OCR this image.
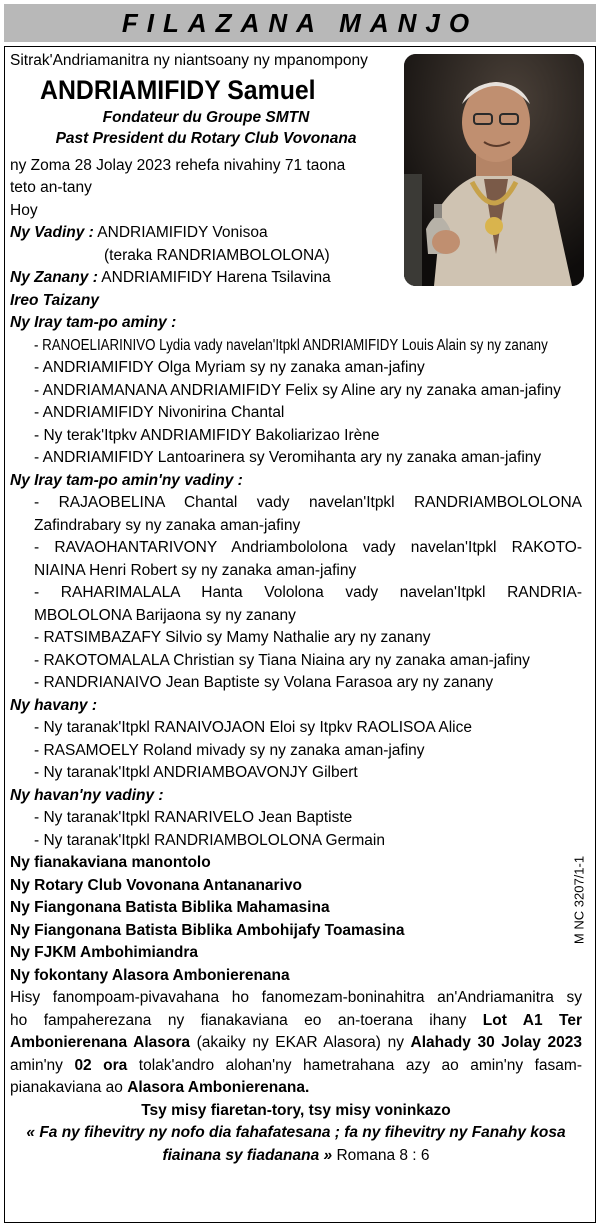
FILAZANA MANJO
Sitrak'Andriamanitra ny niantsoany ny mpanompony
ANDRIAMIFIDY Samuel
Fondateur du Groupe SMTN
Past President du Rotary Club Vovonana
ny Zoma 28 Jolay 2023 rehefa nivahiny 71 taona
teto an-tany
Hoy
Ny Vadiny : ANDRIAMIFIDY Vonisoa
(teraka RANDRIAMBOLOLONA)
Ny Zanany : ANDRIAMIFIDY Harena Tsilavina
Ireo Taizany
Ny Iray tam-po aminy :
- RANOELIARINIVO Lydia vady navelan'Itpkl ANDRIAMIFIDY Louis Alain sy ny zanany
- ANDRIAMIFIDY Olga Myriam sy ny zanaka aman-jafiny
- ANDRIAMANANA ANDRIAMIFIDY Felix sy Aline ary ny zanaka aman-jafiny
- ANDRIAMIFIDY Nivonirina Chantal
- Ny terak'Itpkv ANDRIAMIFIDY Bakoliarizao Irène
- ANDRIAMIFIDY Lantoarinera sy Veromihanta ary ny zanaka aman-jafiny
Ny Iray tam-po amin'ny vadiny :
- RAJAOBELINA Chantal vady navelan'Itpkl RANDRIAMBOLOLONA
Zafindrabary sy ny zanaka aman-jafiny
- RAVAOHANTARIVONY Andriambololona vady navelan'Itpkl RAKOTO-
NIAINA Henri Robert sy ny zanaka aman-jafiny
- RAHARIMALALA Hanta Vololona vady navelan'Itpkl RANDRIA-
MBOLOLONA Barijaona sy ny zanany
- RATSIMBAZAFY Silvio sy Mamy Nathalie ary ny zanany
- RAKOTOMALALA Christian sy Tiana Niaina ary ny zanaka aman-jafiny
- RANDRIANAIVO Jean Baptiste sy Volana Farasoa ary ny zanany
Ny havany :
- Ny taranak'Itpkl RANAIVOJAON Eloi sy Itpkv RAOLISOA Alice
- RASAMOELY Roland mivady sy ny zanaka aman-jafiny
- Ny taranak'Itpkl ANDRIAMBOAVONJY Gilbert
Ny havan'ny vadiny :
- Ny taranak'Itpkl RANARIVELO Jean Baptiste
- Ny taranak'Itpkl RANDRIAMBOLOLONA Germain
Ny fianakaviana manontolo
Ny Rotary Club Vovonana Antananarivo
Ny Fiangonana Batista Biblika Mahamasina
Ny Fiangonana Batista Biblika Ambohijafy Toamasina
Ny FJKM Ambohimiandra
Ny fokontany Alasora Ambonierenana
Hisy fanompoam-pivavahana ho fanomezam-boninahitra an'Andriamanitra sy
ho fampaherezana ny fianakaviana eo an-toerana ihany Lot A1 Ter
Ambonierenana Alasora (akaiky ny EKAR Alasora) ny Alahady 30 Jolay 2023
amin'ny 02 ora tolak'andro alohan'ny hametrahana azy ao amin'ny fasam-
pianakaviana ao Alasora Ambonierenana.
Tsy misy fiaretan-tory, tsy misy voninkazo
« Fa ny fihevitry ny nofo dia fahafatesana ; fa ny fihevitry ny Fanahy kosa
fiainana sy fiadanana » Romana 8 : 6
M NC 3207/1-1
